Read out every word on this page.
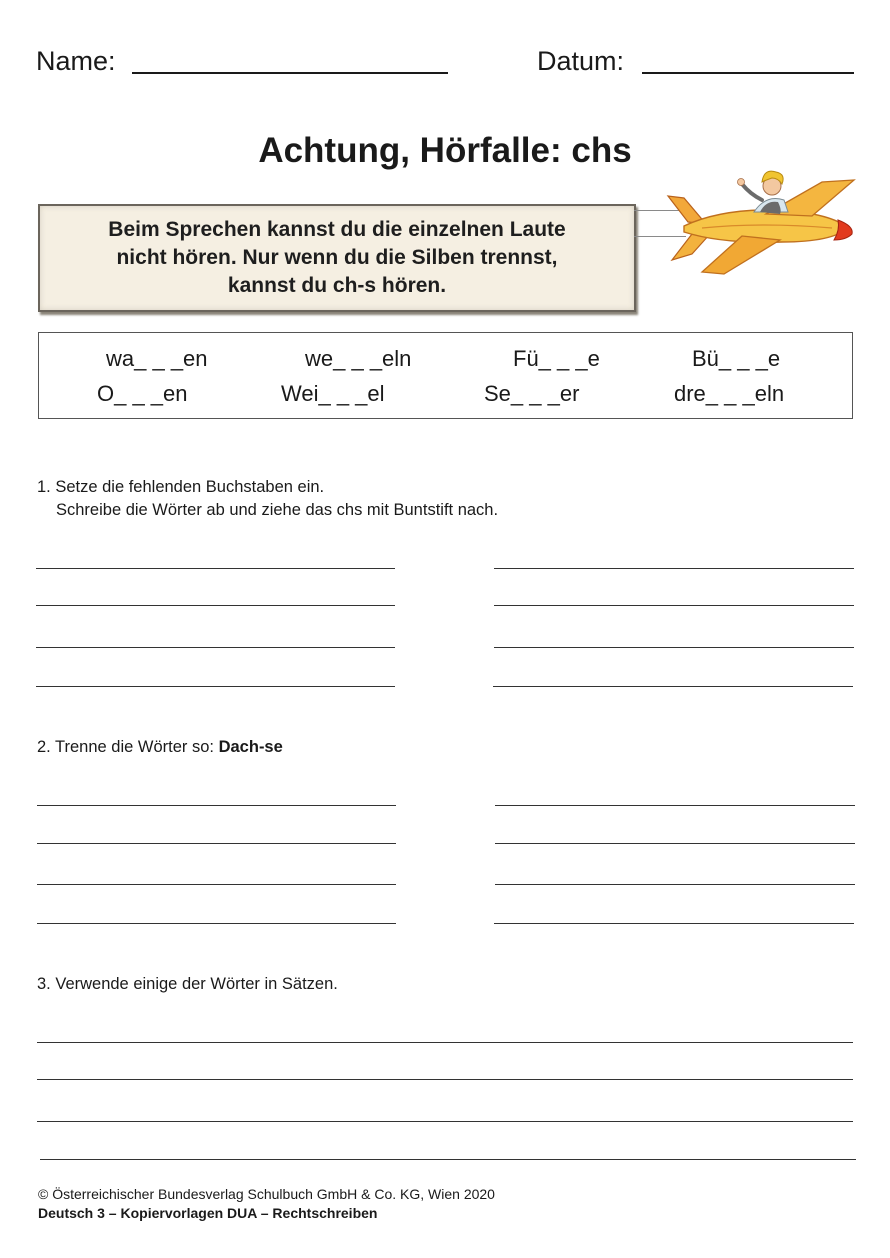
Name:	Datum:
Achtung, Hörfalle: chs
Beim Sprechen kannst du die einzelnen Laute
nicht hören. Nur wenn du die Silben trennst,
kannst du ch-s hören.
wa_ _ _en	we_ _ _eln	Fü_ _ _e	Bü_ _ _e
O_ _ _en	Wei_ _ _el	Se_ _ _er	dre_ _ _eln
1. Setze die fehlenden Buchstaben ein.
Schreibe die Wörter ab und ziehe das chs mit Buntstift nach.
2. Trenne die Wörter so: Dach-se
3. Verwende einige der Wörter in Sätzen.
© Österreichischer Bundesverlag Schulbuch GmbH & Co. KG, Wien 2020
Deutsch 3 – Kopiervorlagen DUA – Rechtschreiben
